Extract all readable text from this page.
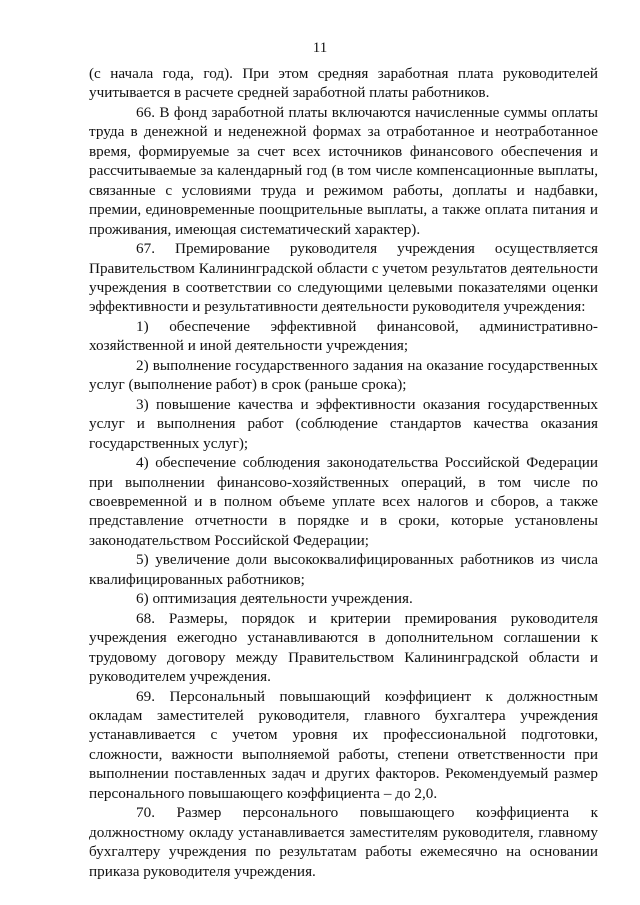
11

(с начала года, год). При этом средняя заработная плата руководителей учитывается в расчете средней заработной платы работников.

66. В фонд заработной платы включаются начисленные суммы оплаты труда в денежной и неденежной формах за отработанное и неотработанное время, формируемые за счет всех источников финансового обеспечения и рассчитываемые за календарный год (в том числе компенсационные выплаты, связанные с условиями труда и режимом работы, доплаты и надбавки, премии, единовременные поощрительные выплаты, а также оплата питания и проживания, имеющая систематический характер).

67. Премирование руководителя учреждения осуществляется Правительством Калининградской области с учетом результатов деятельности учреждения в соответствии со следующими целевыми показателями оценки эффективности и результативности деятельности руководителя учреждения:

1) обеспечение эффективной финансовой, административно-хозяйственной и иной деятельности учреждения;

2) выполнение государственного задания на оказание государственных услуг (выполнение работ) в срок (раньше срока);

3) повышение качества и эффективности оказания государственных услуг и выполнения работ (соблюдение стандартов качества оказания государственных услуг);

4) обеспечение соблюдения законодательства Российской Федерации при выполнении финансово-хозяйственных операций, в том числе по своевременной и в полном объеме уплате всех налогов и сборов, а также представление отчетности в порядке и в сроки, которые установлены законодательством Российской Федерации;

5) увеличение доли высококвалифицированных работников из числа квалифицированных работников;

6) оптимизация деятельности учреждения.

68. Размеры, порядок и критерии премирования руководителя учреждения ежегодно устанавливаются в дополнительном соглашении к трудовому договору между Правительством Калининградской области и руководителем учреждения.

69. Персональный повышающий коэффициент к должностным окладам заместителей руководителя, главного бухгалтера учреждения устанавливается с учетом уровня их профессиональной подготовки, сложности, важности выполняемой работы, степени ответственности при выполнении поставленных задач и других факторов. Рекомендуемый размер персонального повышающего коэффициента – до 2,0.

70. Размер персонального повышающего коэффициента к должностному окладу устанавливается заместителям руководителя, главному бухгалтеру учреждения по результатам работы ежемесячно на основании приказа руководителя учреждения.
